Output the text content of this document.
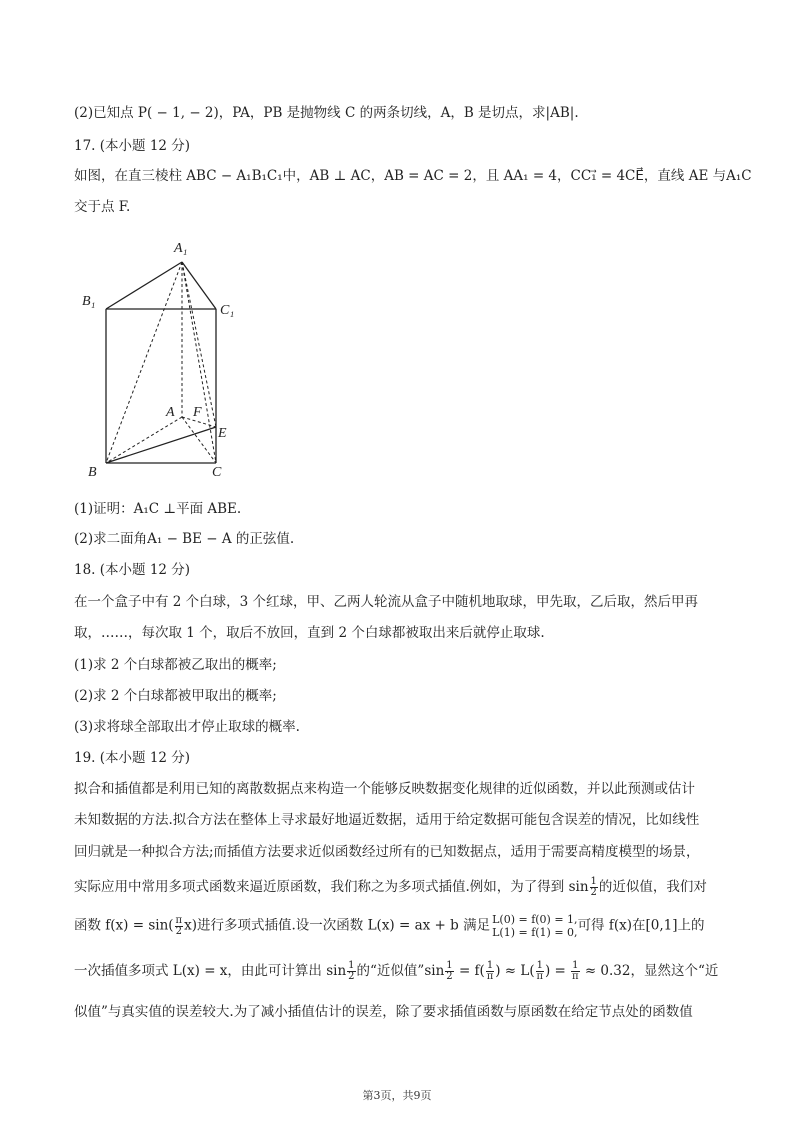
(2)已知点 P( − 1, − 2)，PA，PB 是抛物线 C 的两条切线，A，B 是切点，求|AB|.
17. (本小题 12 分)
如图，在直三棱柱 ABC − A₁B₁C₁中，AB ⊥ AC，AB = AC = 2，且 AA₁ = 4，CC₁⃗ = 4CE⃗，直线 AE 与A₁C
交于点 F.
A₁
B₁
C₁
A F
E
B	C
(1)证明：A₁C ⊥平面 ABE.
(2)求二面角A₁ − BE − A 的正弦值.
18. (本小题 12 分)
在一个盒子中有 2 个白球，3 个红球，甲、乙两人轮流从盒子中随机地取球，甲先取，乙后取，然后甲再
取，……，每次取 1 个，取后不放回，直到 2 个白球都被取出来后就停止取球.
(1)求 2 个白球都被乙取出的概率;
(2)求 2 个白球都被甲取出的概率;
(3)求将球全部取出才停止取球的概率.
19. (本小题 12 分)
拟合和插值都是利用已知的离散数据点来构造一个能够反映数据变化规律的近似函数，并以此预测或估计
未知数据的方法.拟合方法在整体上寻求最好地逼近数据，适用于给定数据可能包含误差的情况，比如线性
回归就是一种拟合方法;而插值方法要求近似函数经过所有的已知数据点，适用于需要高精度模型的场景，
实际应用中常用多项式函数来逼近原函数，我们称之为多项式插值.例如，为了得到 $\sin \frac{1}{2}$ 的近似值，我们对
函数 $f(x) = \sin( \frac{\pi}{2} x)$进行多项式插值.设一次函数 L(x) = ax + b 满足 L(0) = f(0) = 1,
L(1) = f(1) = 0, 可得 f(x)在[0,1]上的
一次插值多项式 L(x) = x，由此可计算出 $\sin \frac{1}{2}$ 的“近似值”sin $\frac{1}{2} = f( \frac{1}{\pi}$ ) ≈ $L( \frac{1}{\pi}$ ) = $\frac{1}{\pi} \approx 0.32$，显然这个“近
似值”与真实值的误差较大.为了减小插值估计的误差，除了要求插值函数与原函数在给定节点处的函数值
第3页，共9页
